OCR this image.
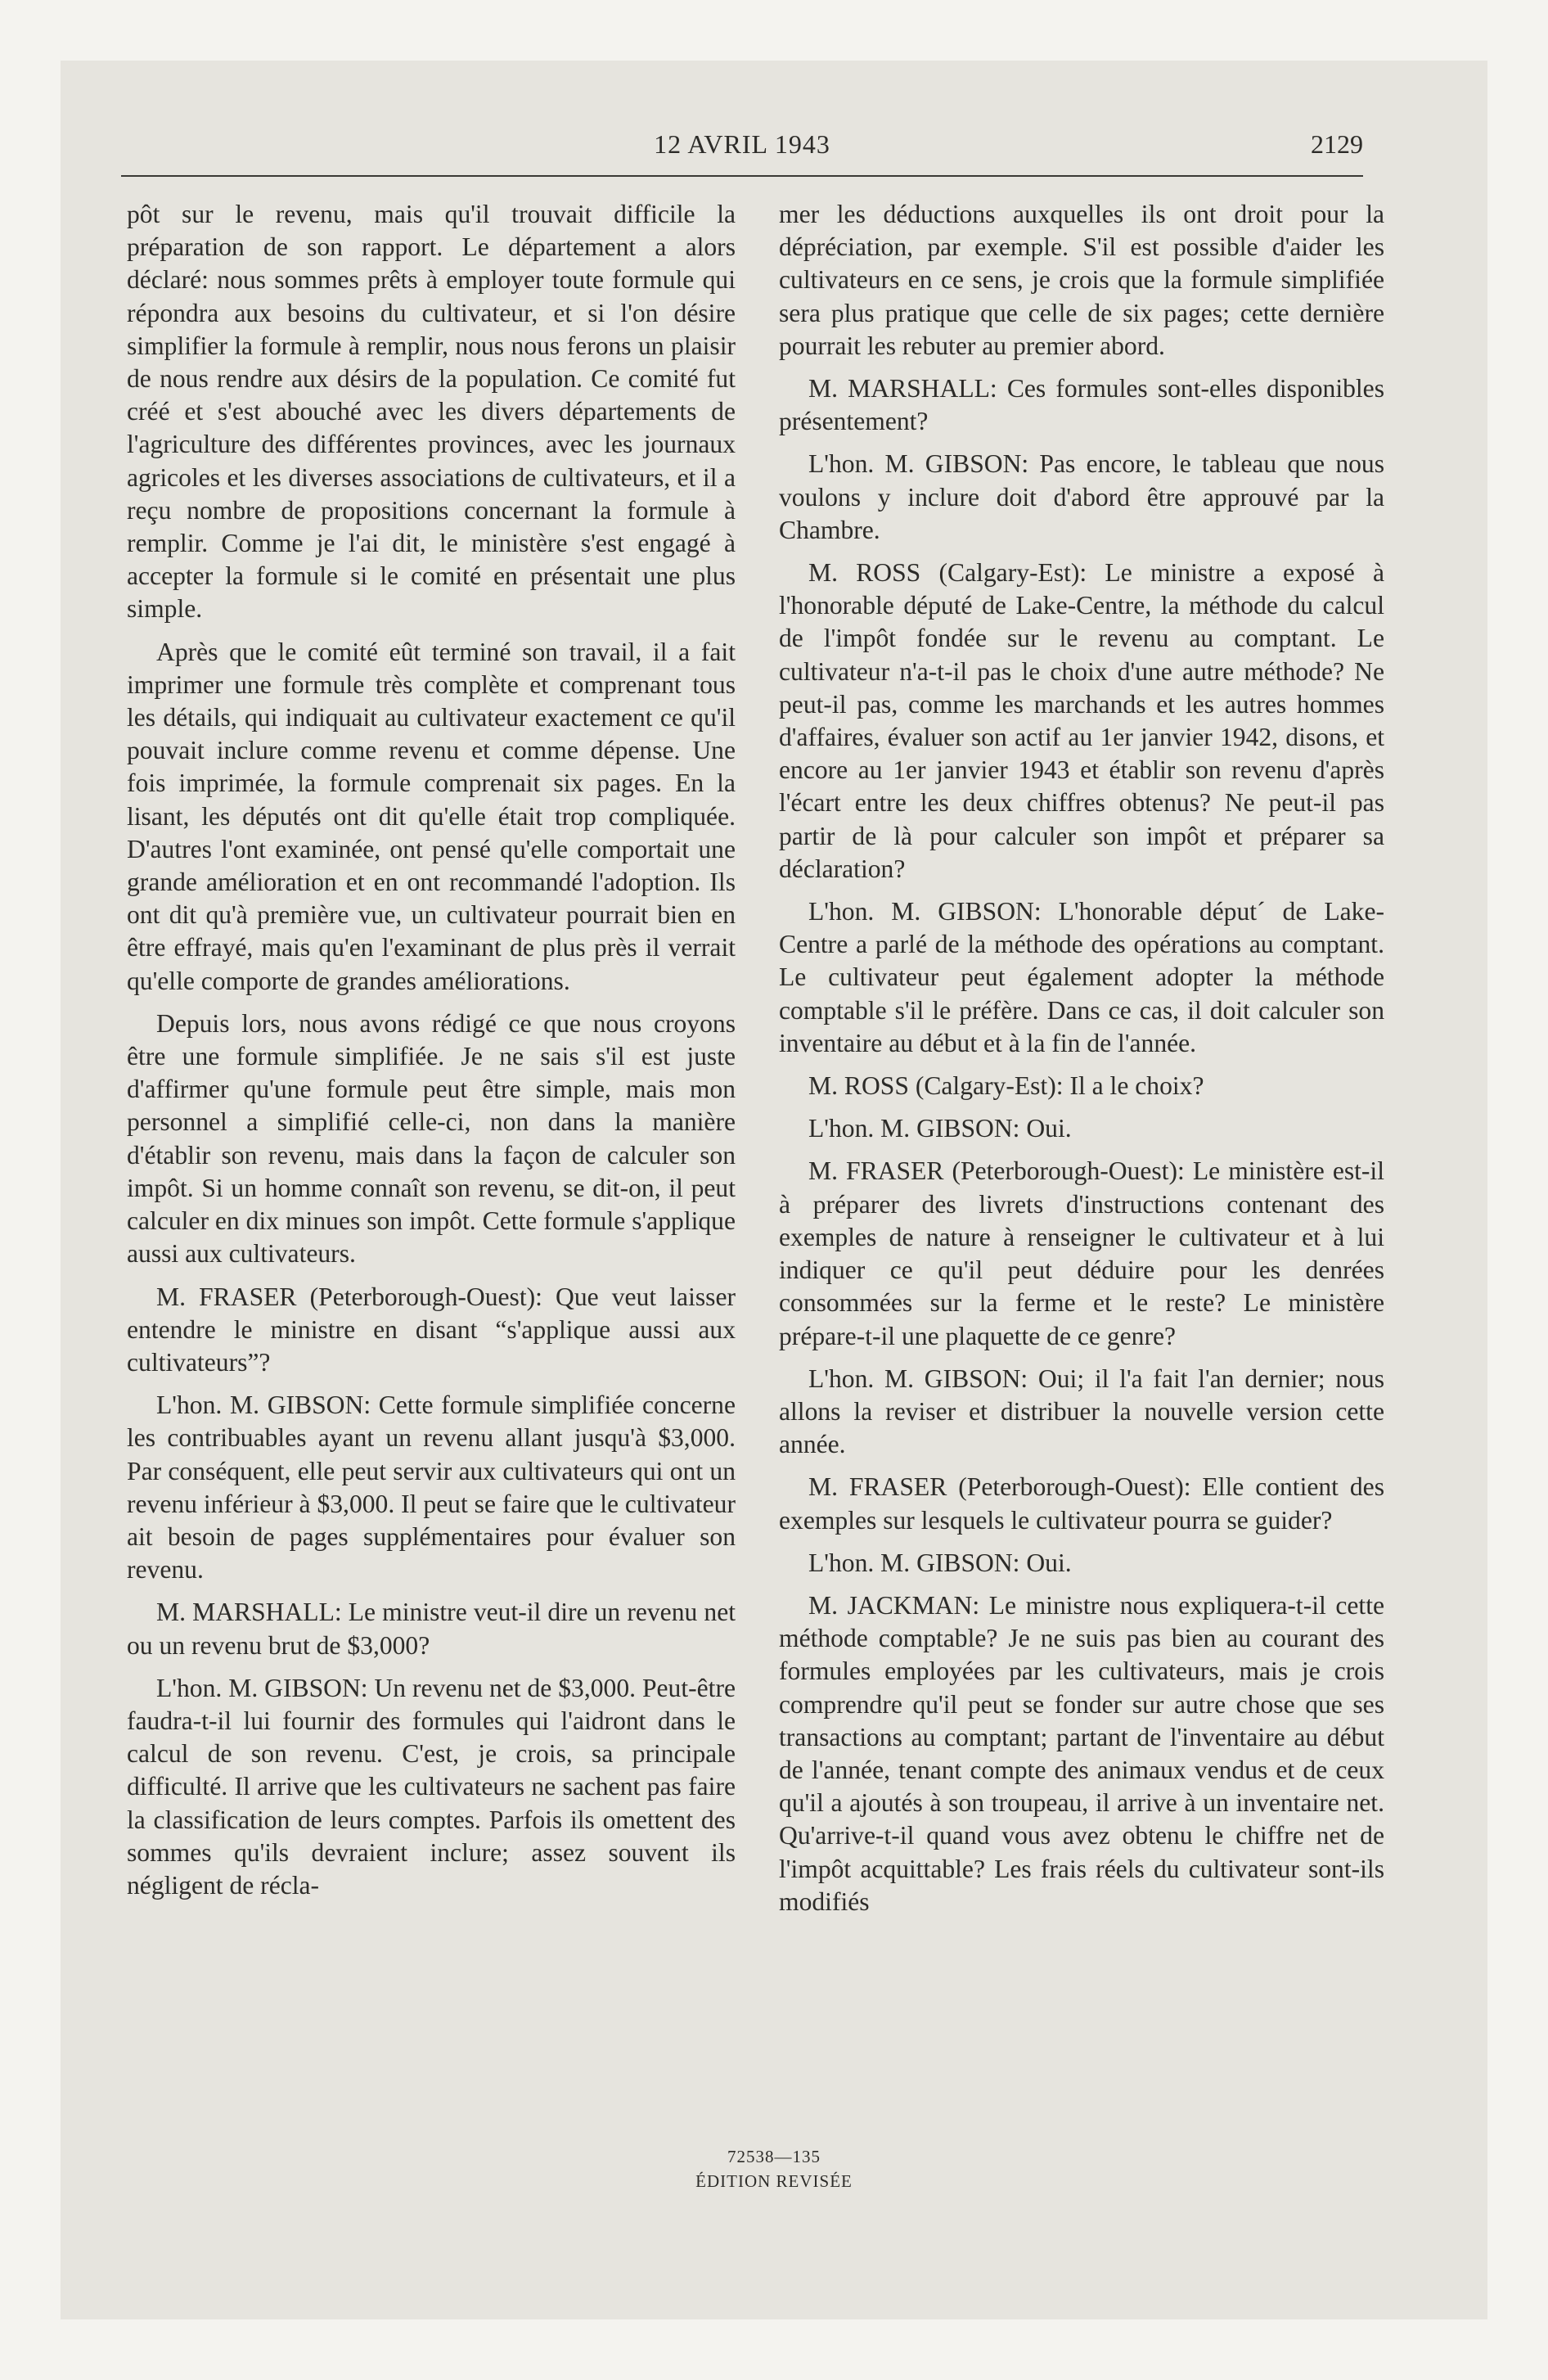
12 AVRIL 1943	2129

pôt sur le revenu, mais qu'il trouvait difficile la préparation de son rapport. Le département a alors déclaré: nous sommes prêts à employer toute formule qui répondra aux besoins du cultivateur, et si l'on désire simplifier la formule à remplir, nous nous ferons un plaisir de nous rendre aux désirs de la population. Ce comité fut créé et s'est abouché avec les divers départements de l'agriculture des différentes provinces, avec les journaux agricoles et les diverses associations de cultivateurs, et il a reçu nombre de propositions concernant la formule à remplir. Comme je l'ai dit, le ministère s'est engagé à accepter la formule si le comité en présentait une plus simple.

Après que le comité eût terminé son travail, il a fait imprimer une formule très complète et comprenant tous les détails, qui indiquait au cultivateur exactement ce qu'il pouvait inclure comme revenu et comme dépense. Une fois imprimée, la formule comprenait six pages. En la lisant, les députés ont dit qu'elle était trop compliquée. D'autres l'ont examinée, ont pensé qu'elle comportait une grande amélioration et en ont recommandé l'adoption. Ils ont dit qu'à première vue, un cultivateur pourrait bien en être effrayé, mais qu'en l'examinant de plus près il verrait qu'elle comporte de grandes améliorations.

Depuis lors, nous avons rédigé ce que nous croyons être une formule simplifiée. Je ne sais s'il est juste d'affirmer qu'une formule peut être simple, mais mon personnel a simplifié celle-ci, non dans la manière d'établir son revenu, mais dans la façon de calculer son impôt. Si un homme connaît son revenu, se dit-on, il peut calculer en dix minues son impôt. Cette formule s'applique aussi aux cultivateurs.

M. FRASER (Peterborough-Ouest): Que veut laisser entendre le ministre en disant “s'applique aussi aux cultivateurs”?

L'hon. M. GIBSON: Cette formule simplifiée concerne les contribuables ayant un revenu allant jusqu'à $3,000. Par conséquent, elle peut servir aux cultivateurs qui ont un revenu inférieur à $3,000. Il peut se faire que le cultivateur ait besoin de pages supplémentaires pour évaluer son revenu.

M. MARSHALL: Le ministre veut-il dire un revenu net ou un revenu brut de $3,000?

L'hon. M. GIBSON: Un revenu net de $3,000. Peut-être faudra-t-il lui fournir des formules qui l'aidront dans le calcul de son revenu. C'est, je crois, sa principale difficulté. Il arrive que les cultivateurs ne sachent pas faire la classification de leurs comptes. Parfois ils omettent des sommes qu'ils devraient inclure; assez souvent ils négligent de récla-

mer les déductions auxquelles ils ont droit pour la dépréciation, par exemple. S'il est possible d'aider les cultivateurs en ce sens, je crois que la formule simplifiée sera plus pratique que celle de six pages; cette dernière pourrait les rebuter au premier abord.

M. MARSHALL: Ces formules sont-elles disponibles présentement?

L'hon. M. GIBSON: Pas encore, le tableau que nous voulons y inclure doit d'abord être approuvé par la Chambre.

M. ROSS (Calgary-Est): Le ministre a exposé à l'honorable député de Lake-Centre, la méthode du calcul de l'impôt fondée sur le revenu au comptant. Le cultivateur n'a-t-il pas le choix d'une autre méthode? Ne peut-il pas, comme les marchands et les autres hommes d'affaires, évaluer son actif au 1er janvier 1942, disons, et encore au 1er janvier 1943 et établir son revenu d'après l'écart entre les deux chiffres obtenus? Ne peut-il pas partir de là pour calculer son impôt et préparer sa déclaration?

L'hon. M. GIBSON: L'honorable déput´ de Lake-Centre a parlé de la méthode des opérations au comptant. Le cultivateur peut également adopter la méthode comptable s'il le préfère. Dans ce cas, il doit calculer son inventaire au début et à la fin de l'année.

M. ROSS (Calgary-Est): Il a le choix?

L'hon. M. GIBSON: Oui.

M. FRASER (Peterborough-Ouest): Le ministère est-il à préparer des livrets d'instructions contenant des exemples de nature à renseigner le cultivateur et à lui indiquer ce qu'il peut déduire pour les denrées consommées sur la ferme et le reste? Le ministère prépare-t-il une plaquette de ce genre?

L'hon. M. GIBSON: Oui; il l'a fait l'an dernier; nous allons la reviser et distribuer la nouvelle version cette année.

M. FRASER (Peterborough-Ouest): Elle contient des exemples sur lesquels le cultivateur pourra se guider?

L'hon. M. GIBSON: Oui.

M. JACKMAN: Le ministre nous expliquera-t-il cette méthode comptable? Je ne suis pas bien au courant des formules employées par les cultivateurs, mais je crois comprendre qu'il peut se fonder sur autre chose que ses transactions au comptant; partant de l'inventaire au début de l'année, tenant compte des animaux vendus et de ceux qu'il a ajoutés à son troupeau, il arrive à un inventaire net. Qu'arrive-t-il quand vous avez obtenu le chiffre net de l'impôt acquittable? Les frais réels du cultivateur sont-ils modifiés

72538—135
ÉDITION REVISÉE
